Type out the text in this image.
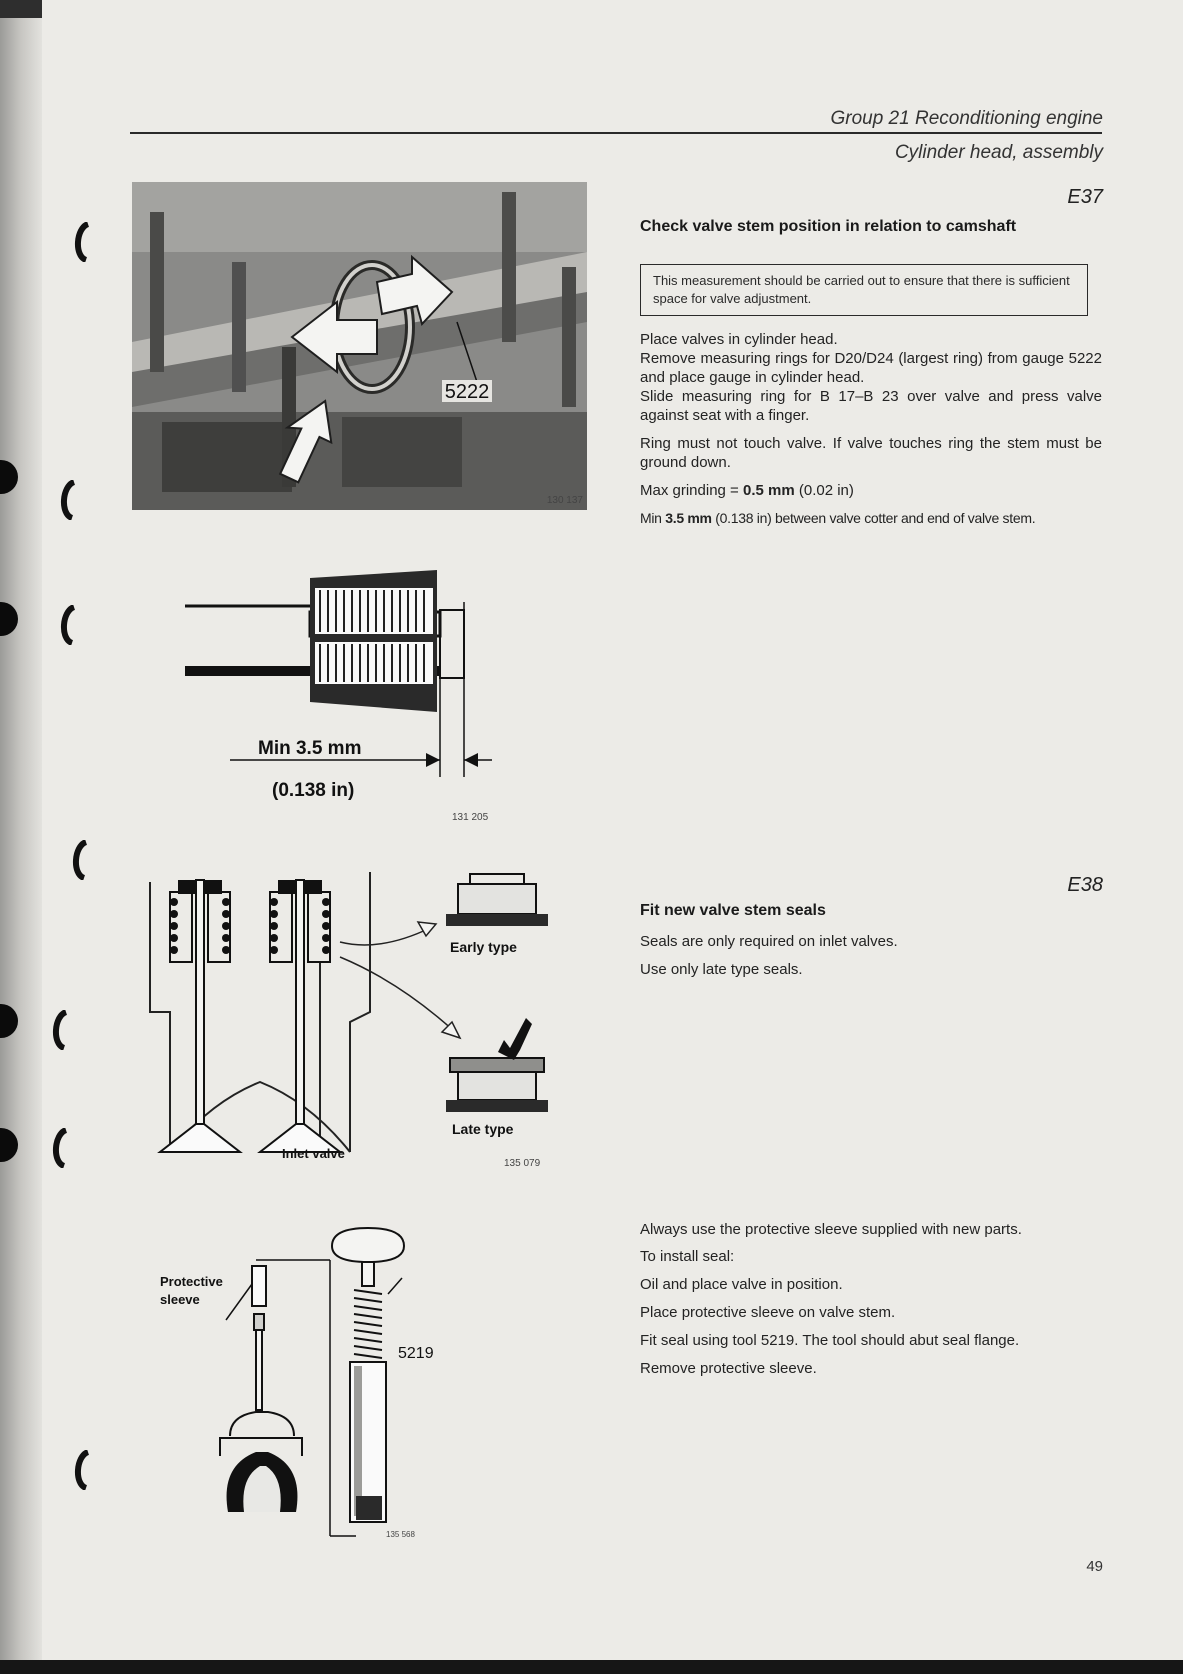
Group 21 Reconditioning engine
Cylinder head, assembly
E37
Check valve stem position in relation to camshaft
This measurement should be carried out to ensure that there is sufficient space for valve adjustment.

Place valves in cylinder head.

Remove measuring rings for D20/D24 (largest ring) from gauge 5222 and place gauge in cylinder head.

Slide measuring ring for B 17–B 23 over valve and press valve against seat with a finger.

Ring must not touch valve. If valve touches ring the stem must be ground down.

Max grinding = 0.5 mm (0.02 in)

Min 3.5 mm (0.138 in) between valve cotter and end of valve stem.

E38
Fit new valve stem seals

Seals are only required on inlet valves.

Use only late type seals.

Always use the protective sleeve supplied with new parts.

To install seal:

Oil and place valve in position.

Place protective sleeve on valve stem.

Fit seal using tool 5219. The tool should abut seal flange.

Remove protective sleeve.

5222
130 137
Min 3.5 mm
(0.138 in)
131 205
Early type
Late type
Inlet valve
135 079
Protective
sleeve
5219
135 568
49
